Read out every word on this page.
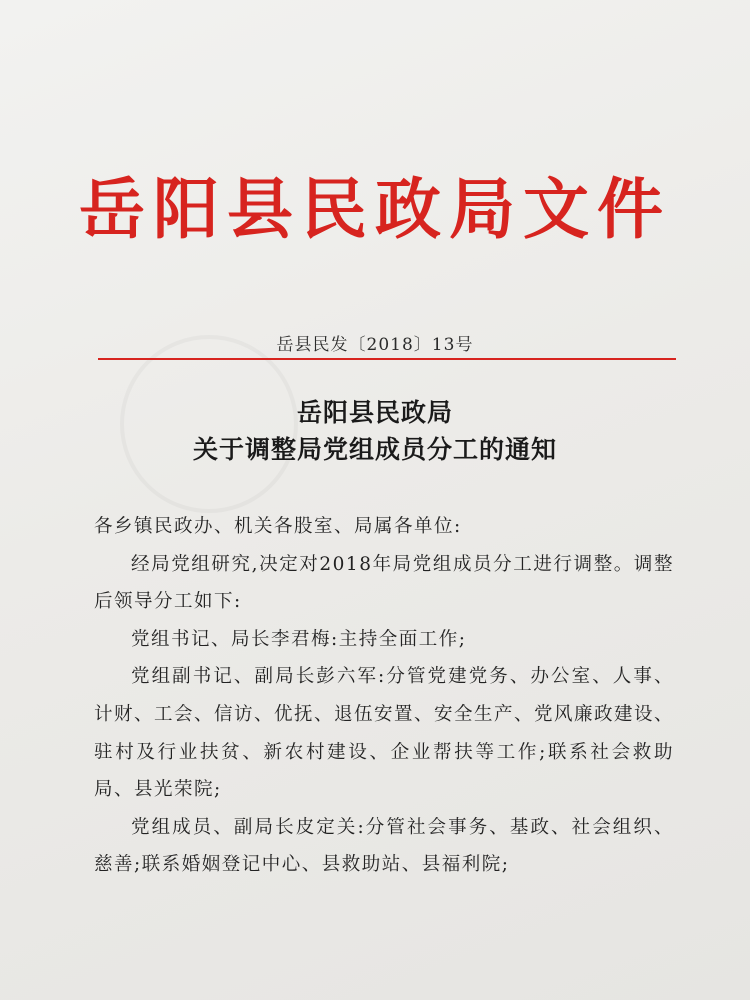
岳阳县民政局文件
岳县民发〔2018〕13号
岳阳县民政局
关于调整局党组成员分工的通知

各乡镇民政办、机关各股室、局属各单位:

经局党组研究,决定对2018年局党组成员分工进行调整。调整后领导分工如下:

党组书记、局长李君梅:主持全面工作;

党组副书记、副局长彭六军:分管党建党务、办公室、人事、计财、工会、信访、优抚、退伍安置、安全生产、党风廉政建设、驻村及行业扶贫、新农村建设、企业帮扶等工作;联系社会救助局、县光荣院;

党组成员、副局长皮定关:分管社会事务、基政、社会组织、慈善;联系婚姻登记中心、县救助站、县福利院;
